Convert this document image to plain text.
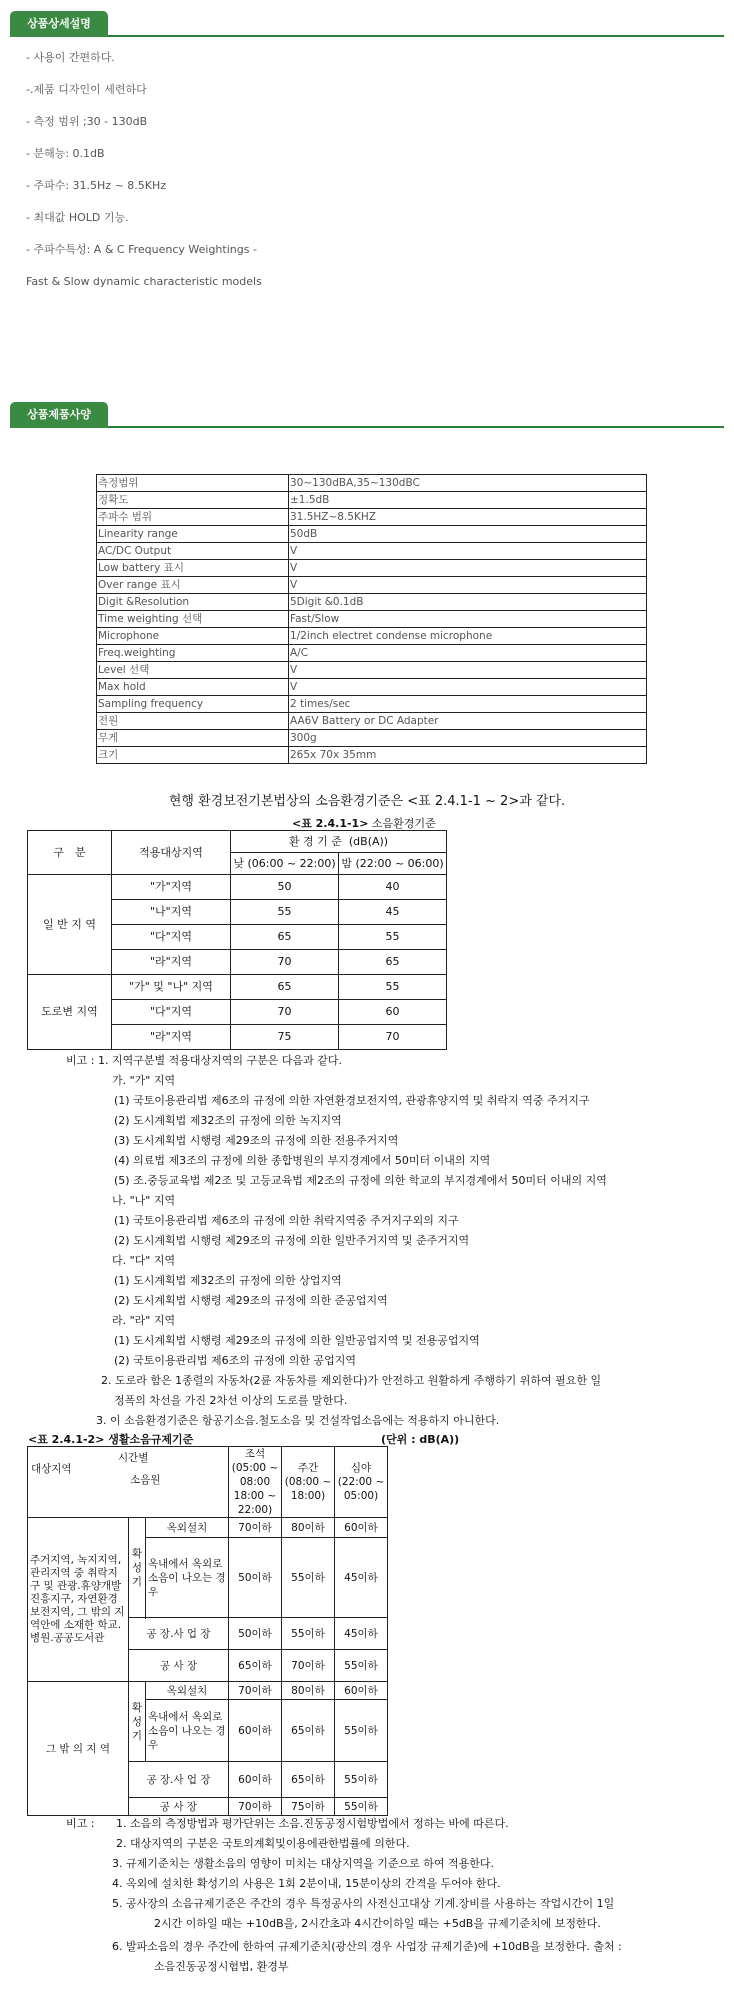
상품상세설명
- 사용이 간편하다.
-.제품 디자인이 세련하다
- 측정 범위 ;30 - 130dB
- 분해능: 0.1dB
- 주파수: 31.5Hz ~ 8.5KHz
- 최대값 HOLD 기능.
- 주파수특성: A & C Frequency Weightings -
Fast & Slow dynamic characteristic models
상품제품사양
측정범위	30~130dBA,35~130dBC
정확도	±1.5dB
주파수 범위	31.5HZ~8.5KHZ
Linearity range	50dB
AC/DC Output	V
Low battery 표시	V
Over range 표시	V
Digit &Resolution	5Digit &0.1dB
Time weighting 선택	Fast/Slow
Microphone	1/2inch electret condense microphone
Freq.weighting	A/C
Level 선택	V
Max hold	V
Sampling frequency	2 times/sec
전원	AA6V Battery or DC Adapter
무게	300g
크기	265x 70x 35mm
현행 환경보전기본법상의 소음환경기준은 <표 2.4.1-1 ~ 2>과 같다.
<표 2.4.1-1> 소음환경기준
구　분	적용대상지역	환 경 기 준 (dB(A))	
		낮 (06:00 ~ 22:00)	밤 (22:00 ~ 06:00)
일 반 지 역	"가"지역	50	40
	"나"지역	55	45
	"다"지역	65	55
	"라"지역	70	65
도로변 지역	"가" 및 "나" 지역	65	55
	"다"지역	70	60
	"라"지역	75	70
비고 : 1. 지역구분별 적용대상지역의 구분은 다음과 같다.
가. "가" 지역
(1) 국토이용관리법 제6조의 규정에 의한 자연환경보전지역, 관광휴양지역 및 취락지 역중 주거지구
(2) 도시계획법 제32조의 규정에 의한 녹지지역
(3) 도시계획법 시행령 제29조의 규정에 의한 전용주거지역
(4) 의료법 제3조의 규정에 의한 종합병원의 부지경계에서 50미터 이내의 지역
(5) 조.중등교육법 제2조 및 고등교육법 제2조의 규정에 의한 학교의 부지경계에서 50미터 이내의 지역
나. "나" 지역
(1) 국토이용관리법 제6조의 규정에 의한 취락지역중 주거지구외의 지구
(2) 도시계획법 시행령 제29조의 규정에 의한 일반주거지역 및 준주거지역
다. "다" 지역
(1) 도시계획법 제32조의 규정에 의한 상업지역
(2) 도시계획법 시행령 제29조의 규정에 의한 준공업지역
라. "라" 지역
(1) 도시계획법 시행령 제29조의 규정에 의한 일반공업지역 및 전용공업지역
(2) 국토이용관리법 제6조의 규정에 의한 공업지역
2. 도로라 함은 1종렬의 자동차(2륜 자동차를 제외한다)가 안전하고 원활하게 주행하기 위하여 필요한 일
정폭의 차선을 가진 2차선 이상의 도로를 말한다.
3. 이 소음환경기준은 항공기소음.철도소음 및 건설작업소음에는 적용하지 아니한다.
<표 2.4.1-2> 생활소음규제기준	(단위 : dB(A))
대상지역
시간별
소음원			조석 (05:00 ~ 08:00 18:00 ~ 22:00)	주간 (08:00 ~ 18:00)	심야 (22:00 ~ 05:00)
주거지역, 녹지지역, 관리지역 중 취락지구 및 관광.휴양개발진흥지구, 자연환경보전지역, 그 밖의 지역안에 소재한 학교.병원.공공도서관	확성기	옥외설치	70이하	80이하	60이하
		옥내에서 옥외로 소음이 나오는 경우	50이하	55이하	45이하

	공 장.사 업 장		50이하	55이하	45이하
	공 사 장		65이하	70이하	55이하
그 밖 의 지 역	확성기	옥외설치	70이하	80이하	60이하
		옥내에서 옥외로 소음이 나오는 경우	60이하	65이하	55이하
	공 장.사 업 장		60이하	65이하	55이하
	공 사 장		70이하	75이하	55이하
비고 : 1. 소음의 측정방법과 평가단위는 소음.진동공정시험방법에서 정하는 바에 따른다.
2. 대상지역의 구분은 국토의계획및이용에관한법률에 의한다.
3. 규제기준치는 생활소음의 영향이 미치는 대상지역을 기준으로 하여 적용한다.
4. 옥외에 설치한 확성기의 사용은 1회 2분이내, 15분이상의 간격을 두어야 한다.
5. 공사장의 소음규제기준은 주간의 경우 특정공사의 사전신고대상 기계.장비를 사용하는 작업시간이 1일
2시간 이하일 때는 +10dB을, 2시간초과 4시간이하일 때는 +5dB을 규제기준치에 보정한다.
6. 발파소음의 경우 주간에 한하여 규제기준치(광산의 경우 사업장 규제기준)에 +10dB을 보정한다. 출처 :
소음진동공정시험법, 환경부
